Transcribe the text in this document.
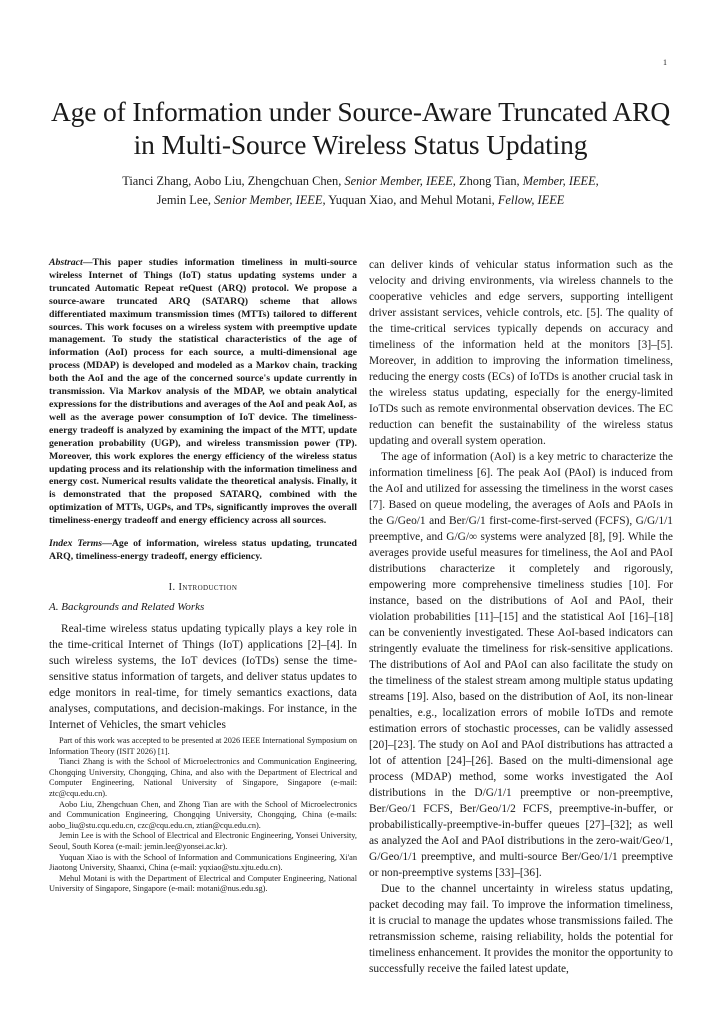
1
Age of Information under Source-Aware Truncated ARQ in Multi-Source Wireless Status Updating
Tianci Zhang, Aobo Liu, Zhengchuan Chen, Senior Member, IEEE, Zhong Tian, Member, IEEE,
Jemin Lee, Senior Member, IEEE, Yuquan Xiao, and Mehul Motani, Fellow, IEEE
Abstract—This paper studies information timeliness in multi-source wireless Internet of Things (IoT) status updating systems under a truncated Automatic Repeat reQuest (ARQ) protocol. We propose a source-aware truncated ARQ (SATARQ) scheme that allows differentiated maximum transmission times (MTTs) tailored to different sources. This work focuses on a wireless system with preemptive update management. To study the statistical characteristics of the age of information (AoI) process for each source, a multi-dimensional age process (MDAP) is developed and modeled as a Markov chain, tracking both the AoI and the age of the concerned source's update currently in transmission. Via Markov analysis of the MDAP, we obtain analytical expressions for the distributions and averages of the AoI and peak AoI, as well as the average power consumption of IoT device. The timeliness-energy tradeoff is analyzed by examining the impact of the MTT, update generation probability (UGP), and wireless transmission power (TP). Moreover, this work explores the energy efficiency of the wireless status updating process and its relationship with the information timeliness and energy cost. Numerical results validate the theoretical analysis. Finally, it is demonstrated that the proposed SATARQ, combined with the optimization of MTTs, UGPs, and TPs, significantly improves the overall timeliness-energy tradeoff and energy efficiency across all sources.
Index Terms—Age of information, wireless status updating, truncated ARQ, timeliness-energy tradeoff, energy efficiency.
I. Introduction
A. Backgrounds and Related Works

Real-time wireless status updating typically plays a key role in the time-critical Internet of Things (IoT) applications [2]–[4]. In such wireless systems, the IoT devices (IoTDs) sense the time-sensitive status information of targets, and deliver status updates to edge monitors in real-time, for timely semantics exactions, data analyses, computations, and decision-makings. For instance, in the Internet of Vehicles, the smart vehicles

Part of this work was accepted to be presented at 2026 IEEE International Symposium on Information Theory (ISIT 2026) [1].

Tianci Zhang is with the School of Microelectronics and Communication Engineering, Chongqing University, Chongqing, China, and also with the Department of Electrical and Computer Engineering, National University of Singapore, Singapore (e-mail: ztc@cqu.edu.cn).

Aobo Liu, Zhengchuan Chen, and Zhong Tian are with the School of Microelectronics and Communication Engineering, Chongqing University, Chongqing, China (e-mails: aobo_liu@stu.cqu.edu.cn, czc@cqu.edu.cn, ztian@cqu.edu.cn).

Jemin Lee is with the School of Electrical and Electronic Engineering, Yonsei University, Seoul, South Korea (e-mail: jemin.lee@yonsei.ac.kr).

Yuquan Xiao is with the School of Information and Communications Engineering, Xi'an Jiaotong University, Shaanxi, China (e-mail: yqxiao@stu.xjtu.edu.cn).

Mehul Motani is with the Department of Electrical and Computer Engineering, National University of Singapore, Singapore (e-mail: motani@nus.edu.sg).

can deliver kinds of vehicular status information such as the velocity and driving environments, via wireless channels to the cooperative vehicles and edge servers, supporting intelligent driver assistant services, vehicle controls, etc. [5]. The quality of the time-critical services typically depends on accuracy and timeliness of the information held at the monitors [3]–[5]. Moreover, in addition to improving the information timeliness, reducing the energy costs (ECs) of IoTDs is another crucial task in the wireless status updating, especially for the energy-limited IoTDs such as remote environmental observation devices. The EC reduction can benefit the sustainability of the wireless status updating and overall system operation.

The age of information (AoI) is a key metric to characterize the information timeliness [6]. The peak AoI (PAoI) is induced from the AoI and utilized for assessing the timeliness in the worst cases [7]. Based on queue modeling, the averages of AoIs and PAoIs in the G/Geo/1 and Ber/G/1 first-come-first-served (FCFS), G/G/1/1 preemptive, and G/G/∞ systems were analyzed [8], [9]. While the averages provide useful measures for timeliness, the AoI and PAoI distributions characterize it completely and rigorously, empowering more comprehensive timeliness studies [10]. For instance, based on the distributions of AoI and PAoI, their violation probabilities [11]–[15] and the statistical AoI [16]–[18] can be conveniently investigated. These AoI-based indicators can stringently evaluate the timeliness for risk-sensitive applications. The distributions of AoI and PAoI can also facilitate the study on the timeliness of the stalest stream among multiple status updating streams [19]. Also, based on the distribution of AoI, its non-linear penalties, e.g., localization errors of mobile IoTDs and remote estimation errors of stochastic processes, can be validly assessed [20]–[23]. The study on AoI and PAoI distributions has attracted a lot of attention [24]–[26]. Based on the multi-dimensional age process (MDAP) method, some works investigated the AoI distributions in the D/G/1/1 preemptive or non-preemptive, Ber/Geo/1 FCFS, Ber/Geo/1/2 FCFS, preemptive-in-buffer, or probabilistically-preemptive-in-buffer queues [27]–[32]; as well as analyzed the AoI and PAoI distributions in the zero-wait/Geo/1, G/Geo/1/1 preemptive, and multi-source Ber/Geo/1/1 preemptive or non-preemptive systems [33]–[36].

Due to the channel uncertainty in wireless status updating, packet decoding may fail. To improve the information timeliness, it is crucial to manage the updates whose transmissions failed. The retransmission scheme, raising reliability, holds the potential for timeliness enhancement. It provides the monitor the opportunity to successfully receive the failed latest update,
